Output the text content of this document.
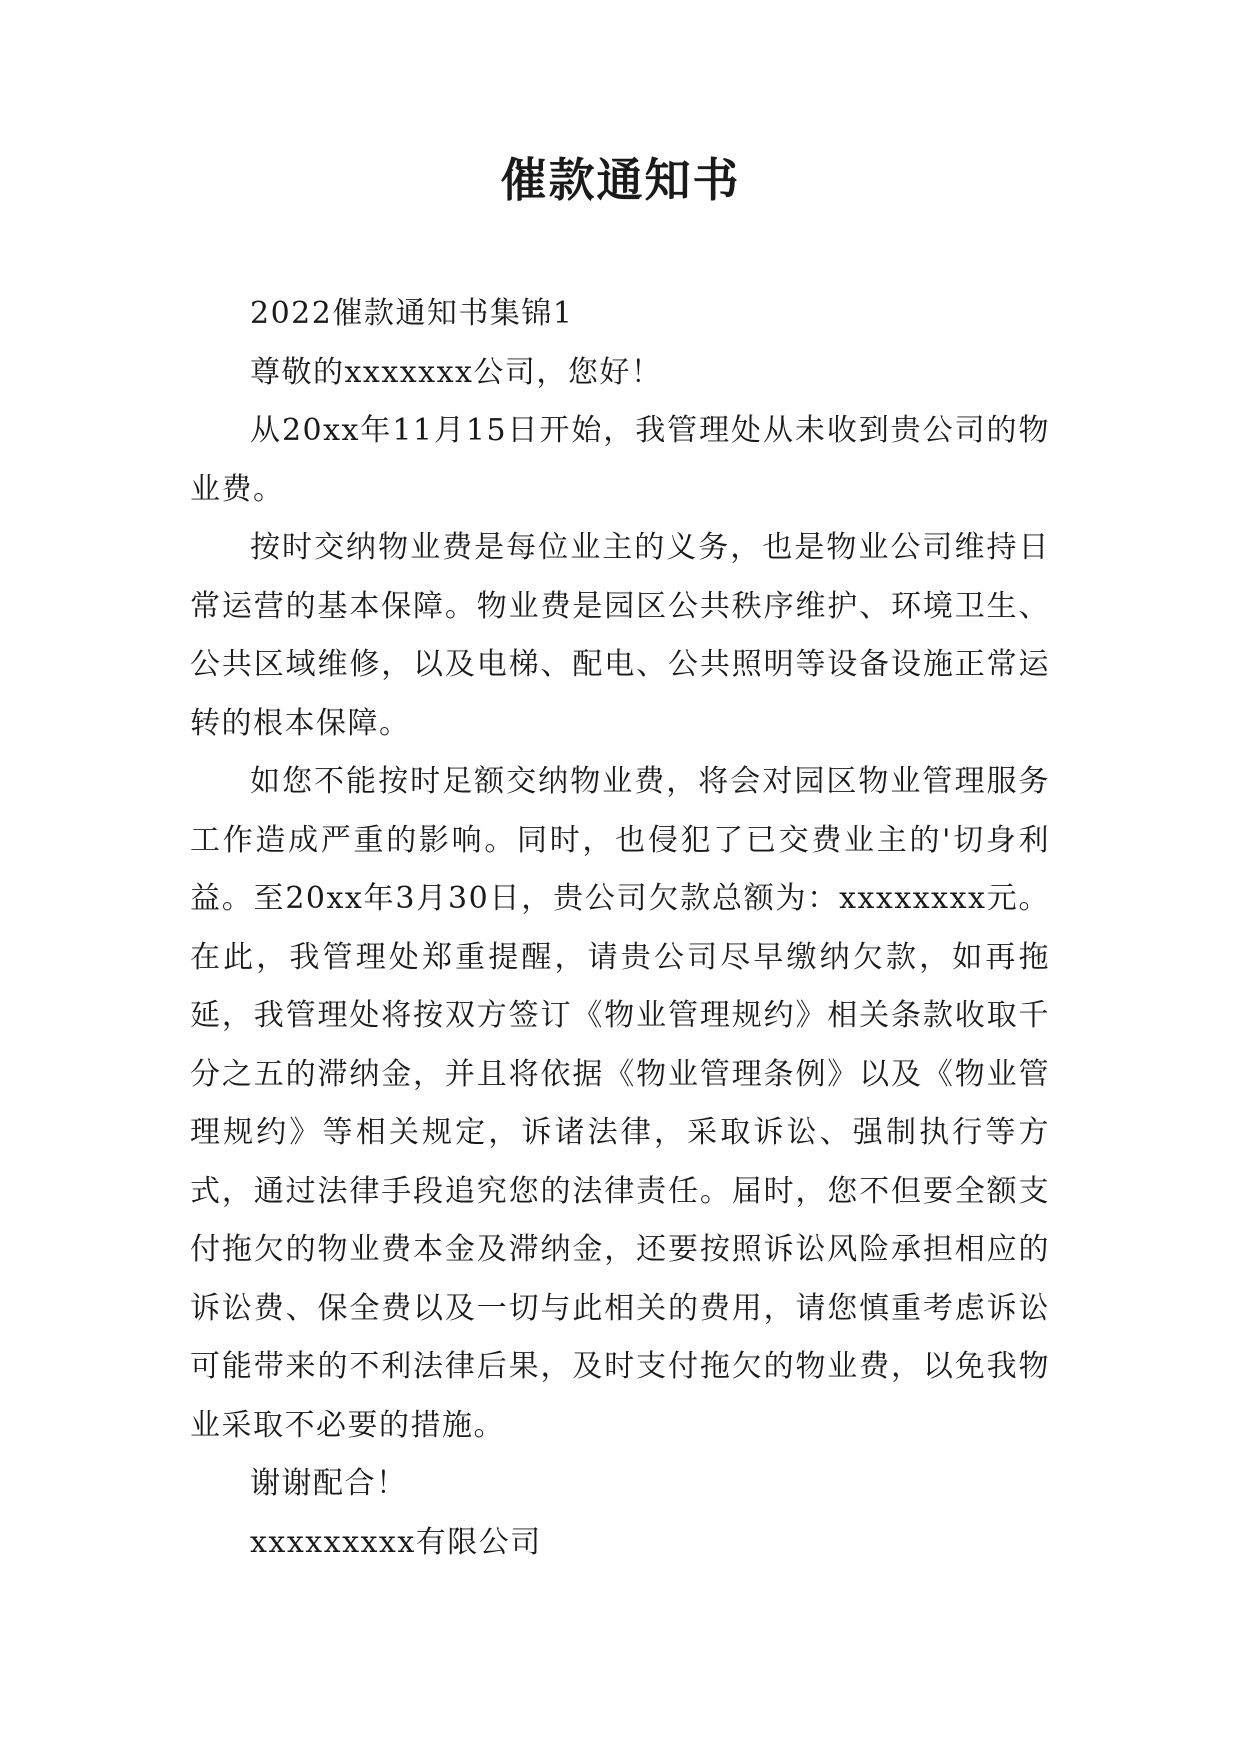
催款通知书

2022催款通知书集锦1

尊敬的xxxxxxx公司，您好！

从20xx年11月15日开始，我管理处从未收到贵公司的物业费。

按时交纳物业费是每位业主的义务，也是物业公司维持日常运营的基本保障。物业费是园区公共秩序维护、环境卫生、公共区域维修，以及电梯、配电、公共照明等设备设施正常运转的根本保障。

如您不能按时足额交纳物业费，将会对园区物业管理服务工作造成严重的影响。同时，也侵犯了已交费业主的'切身利益。至20xx年3月30日，贵公司欠款总额为：xxxxxxxx元。在此，我管理处郑重提醒，请贵公司尽早缴纳欠款，如再拖延，我管理处将按双方签订《物业管理规约》相关条款收取千分之五的滞纳金，并且将依据《物业管理条例》以及《物业管理规约》等相关规定，诉诸法律，采取诉讼、强制执行等方式，通过法律手段追究您的法律责任。届时，您不但要全额支付拖欠的物业费本金及滞纳金，还要按照诉讼风险承担相应的诉讼费、保全费以及一切与此相关的费用，请您慎重考虑诉讼可能带来的不利法律后果，及时支付拖欠的物业费，以免我物业采取不必要的措施。

谢谢配合！

xxxxxxxxx有限公司
